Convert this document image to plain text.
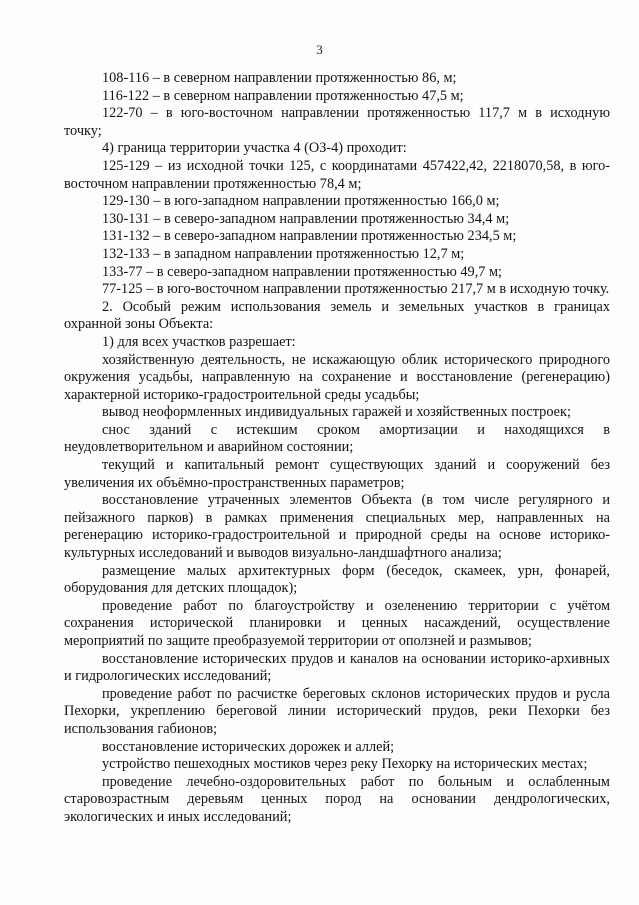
3

108-116 – в северном направлении протяженностью 86, м;

116-122 – в северном направлении протяженностью 47,5 м;

122-70 – в юго-восточном направлении протяженностью 117,7 м в исходную точку;

4) граница территории участка 4 (ОЗ-4) проходит:

125-129 – из исходной точки 125, с координатами 457422,42, 2218070,58, в юго-восточном направлении протяженностью 78,4 м;

129-130 – в юго-западном направлении протяженностью 166,0 м;

130-131 – в северо-западном направлении протяженностью 34,4 м;

131-132 – в северо-западном направлении протяженностью 234,5 м;

132-133 – в западном направлении протяженностью 12,7 м;

133-77 – в северо-западном направлении протяженностью 49,7 м;

77-125 – в юго-восточном направлении протяженностью 217,7 м в исходную точку.

2. Особый режим использования земель и земельных участков в границах охранной зоны Объекта:

1) для всех участков разрешает:

хозяйственную деятельность, не искажающую облик исторического природного окружения усадьбы, направленную на сохранение и восстановление (регенерацию) характерной историко-градостроительной среды усадьбы;

вывод неоформленных индивидуальных гаражей и хозяйственных построек;

снос зданий с истекшим сроком амортизации и находящихся в неудовлетворительном и аварийном состоянии;

текущий и капитальный ремонт существующих зданий и сооружений без увеличения их объёмно-пространственных параметров;

восстановление утраченных элементов Объекта (в том числе регулярного и пейзажного парков) в рамках применения специальных мер, направленных на регенерацию историко-градостроительной и природной среды на основе историко-культурных исследований и выводов визуально-ландшафтного анализа;

размещение малых архитектурных форм (беседок, скамеек, урн, фонарей, оборудования для детских площадок);

проведение работ по благоустройству и озеленению территории с учётом сохранения исторической планировки и ценных насаждений, осуществление мероприятий по защите преобразуемой территории от оползней и размывов;

восстановление исторических прудов и каналов на основании историко-архивных и гидрологических исследований;

проведение работ по расчистке береговых склонов исторических прудов и русла Пехорки, укреплению береговой линии исторический прудов, реки Пехорки без использования габионов;

восстановление исторических дорожек и аллей;

устройство пешеходных мостиков через реку Пехорку на исторических местах;

проведение лечебно-оздоровительных работ по больным и ослабленным старовозрастным деревьям ценных пород на основании дендрологических, экологических и иных исследований;
